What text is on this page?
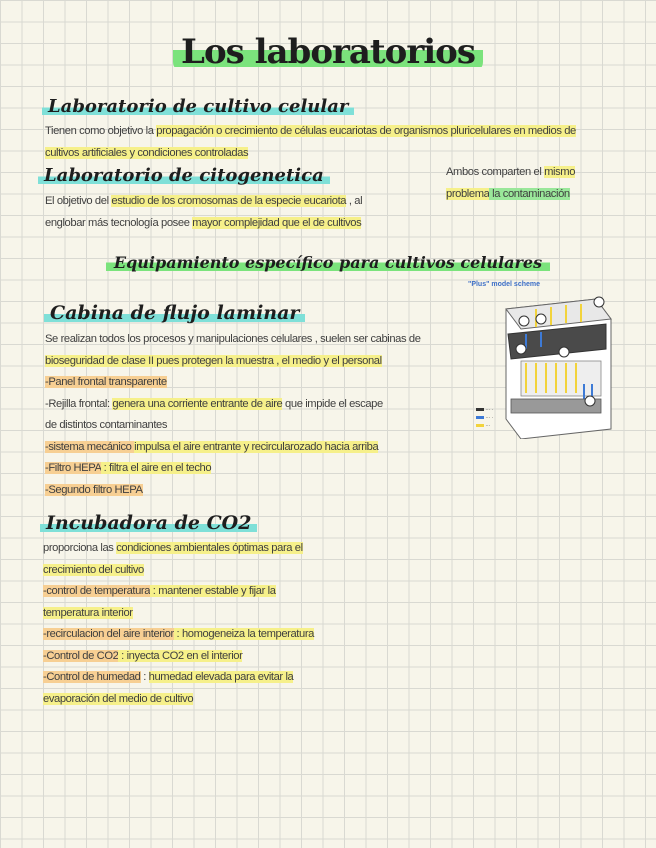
Los laboratorios
Laboratorio de cultivo celular
Tienen como objetivo la propagación o crecimiento de células eucariotas de organismos pluricelulares en medios de
cultivos artificiales y condiciones controladas
Laboratorio de citogenetica
El objetivo del estudio de los cromosomas de la especie eucariota , al
englobar más tecnología posee mayor complejidad que el de cultivos
Ambos comparten el mismo
problema la contaminación
Equipamiento específico para cultivos celulares
Cabina de flujo laminar
Se realizan todos los procesos y manipulaciones celulares , suelen ser cabinas de
bioseguridad de clase II pues protegen la muestra , el medio y el personal
-Panel frontal transparente
-Rejilla frontal: genera una corriente entrante de aire que impide el escape
de distintos contaminantes
-sistema mecánico impulsa el aire entrante y recircularozado hacia arriba
-Filtro HEPA : filtra el aire en el techo
-Segundo filtro HEPA
"Plus" model scheme
··· ·
··· ·
···
Incubadora de CO2
proporciona las condiciones ambientales óptimas para el
crecimiento del cultivo
-control de temperatura : mantener estable y fijar la
temperatura interior
-recirculacion del aire interior : homogeneiza la temperatura
-Control de CO2 : inyecta CO2 en el interior
-Control de humedad : humedad elevada para evitar la
evaporación del medio de cultivo
